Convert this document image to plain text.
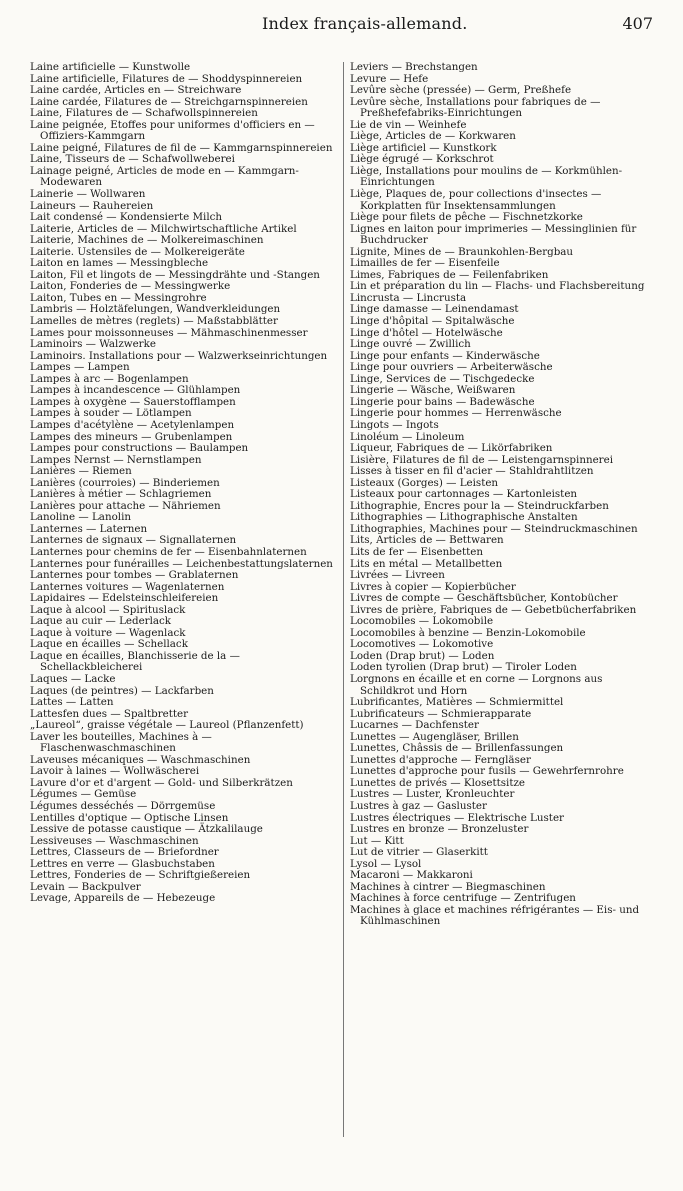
Index français-allemand.	407
Laine artificielle — Kunstwolle
Laine artificielle, Filatures de — Shoddyspinnereien
Laine cardée, Articles en — Streichware
Laine cardée, Filatures de — Streichgarnspinnereien
Laine, Filatures de — Schafwollspinnereien
Laine peignée, Etoffes pour uniformes d'officiers en — Offiziers-Kammgarn
Laine peigné, Filatures de fil de — Kammgarnspinnereien
Laine, Tisseurs de — Schafwollweberei
Lainage peigné, Articles de mode en — Kammgarn-Modewaren
Lainerie — Wollwaren
Laineurs — Rauhereien
Lait condensé — Kondensierte Milch
Laiterie, Articles de — Milchwirtschaftliche Artikel
Laiterie, Machines de — Molkereimaschinen
Laiterie. Ustensiles de — Molkereigeräte
Laiton en lames — Messingbleche
Laiton, Fil et lingots de — Messingdrähte und -Stangen
Laiton, Fonderies de — Messingwerke
Laiton, Tubes en — Messingrohre
Lambris — Holztäfelungen, Wandverkleidungen
Lamelles de mètres (reglets) — Maßstabblätter
Lames pour moissonneuses — Mähmaschinenmesser
Laminoirs — Walzwerke
Laminoirs. Installations pour — Walzwerkseinrichtungen
Lampes — Lampen
Lampes à arc — Bogenlampen
Lampes à incandescence — Glühlampen
Lampes à oxygène — Sauerstofflampen
Lampes à souder — Lötlampen
Lampes d'acétylène — Acetylenlampen
Lampes des mineurs — Grubenlampen
Lampes pour constructions — Baulampen
Lampes Nernst — Nernstlampen
Lanières — Riemen
Lanières (courroies) — Binderiemen
Lanières à métier — Schlagriemen
Lanières pour attache — Nähriemen
Lanoline — Lanolin
Lanternes — Laternen
Lanternes de signaux — Signallaternen
Lanternes pour chemins de fer — Eisenbahnlaternen
Lanternes pour funérailles — Leichenbestattungslaternen
Lanternes pour tombes — Grablaternen
Lanternes voitures — Wagenlaternen
Lapidaires — Edelsteinschleifereien
Laque à alcool — Spirituslack
Laque au cuir — Lederlack
Laque à voiture — Wagenlack
Laque en écailles — Schellack
Laque en écailles, Blanchisserie de la — Schellackbleicherei
Laques — Lacke
Laques (de peintres) — Lackfarben
Lattes — Latten
Lattesfen dues — Spaltbretter
„Laureol“, graisse végétale — Laureol (Pflanzenfett)
Laver les bouteilles, Machines à — Flaschenwaschmaschinen
Laveuses mécaniques — Waschmaschinen
Lavoir à laines — Wollwäscherei
Lavure d'or et d'argent — Gold- und Silberkrätzen
Légumes — Gemüse
Légumes desséchés — Dörrgemüse
Lentilles d'optique — Optische Linsen
Lessive de potasse caustique — Ätzkalilauge
Lessiveuses — Waschmaschinen
Lettres, Classeurs de — Briefordner
Lettres en verre — Glasbuchstaben
Lettres, Fonderies de — Schriftgießereien
Levain — Backpulver
Levage, Appareils de — Hebezeuge
Leviers — Brechstangen
Levure — Hefe
Levûre sèche (pressée) — Germ, Preßhefe
Levûre sèche, Installations pour fabriques de — Preßhefefabriks-Einrichtungen
Lie de vin — Weinhefe
Liège, Articles de — Korkwaren
Liège artificiel — Kunstkork
Liège égrugé — Korkschrot
Liège, Installations pour moulins de — Korkmühlen-Einrichtungen
Liège, Plaques de, pour collections d'insectes — Korkplatten für Insektensammlungen
Liège pour filets de pêche — Fischnetzkorke
Lignes en laiton pour imprimeries — Messinglinien für Buchdrucker
Lignite, Mines de — Braunkohlen-Bergbau
Limailles de fer — Eisenfeile
Limes, Fabriques de — Feilenfabriken
Lin et préparation du lin — Flachs- und Flachsbereitung
Lincrusta — Lincrusta
Linge damasse — Leinendamast
Linge d'hôpital — Spitalwäsche
Linge d'hôtel — Hotelwäsche
Linge ouvré — Zwillich
Linge pour enfants — Kinderwäsche
Linge pour ouvriers — Arbeiterwäsche
Linge, Services de — Tischgedecke
Lingerie — Wäsche, Weißwaren
Lingerie pour bains — Badewäsche
Lingerie pour hommes — Herrenwäsche
Lingots — Ingots
Linoléum — Linoleum
Liqueur, Fabriques de — Likörfabriken
Lisière, Filatures de fil de — Leistengarnspinnerei
Lisses à tisser en fil d'acier — Stahldrahtlitzen
Listeaux (Gorges) — Leisten
Listeaux pour cartonnages — Kartonleisten
Lithographie, Encres pour la — Steindruckfarben
Lithographies — Lithographische Anstalten
Lithographies, Machines pour — Steindruckmaschinen
Lits, Articles de — Bettwaren
Lits de fer — Eisenbetten
Lits en métal — Metallbetten
Livrées — Livreen
Livres à copier — Kopierbücher
Livres de compte — Geschäftsbücher, Kontobücher
Livres de prière, Fabriques de — Gebetbücherfabriken
Locomobiles — Lokomobile
Locomobiles à benzine — Benzin-Lokomobile
Locomotives — Lokomotive
Loden (Drap brut) — Loden
Loden tyrolien (Drap brut) — Tiroler Loden
Lorgnons en écaille et en corne — Lorgnons aus Schildkrot und Horn
Lubrificantes, Matières — Schmiermittel
Lubrificateurs — Schmierapparate
Lucarnes — Dachfenster
Lunettes — Augengläser, Brillen
Lunettes, Châssis de — Brillenfassungen
Lunettes d'approche — Ferngläser
Lunettes d'approche pour fusils — Gewehrfernrohre
Lunettes de privés — Klosettsitze
Lustres — Luster, Kronleuchter
Lustres à gaz — Gasluster
Lustres électriques — Elektrische Luster
Lustres en bronze — Bronzeluster
Lut — Kitt
Lut de vitrier — Glaserkitt
Lysol — Lysol
Macaroni — Makkaroni
Machines à cintrer — Biegmaschinen
Machines à force centrifuge — Zentrifugen
Machines à glace et machines réfrigérantes — Eis- und Kühlmaschinen
